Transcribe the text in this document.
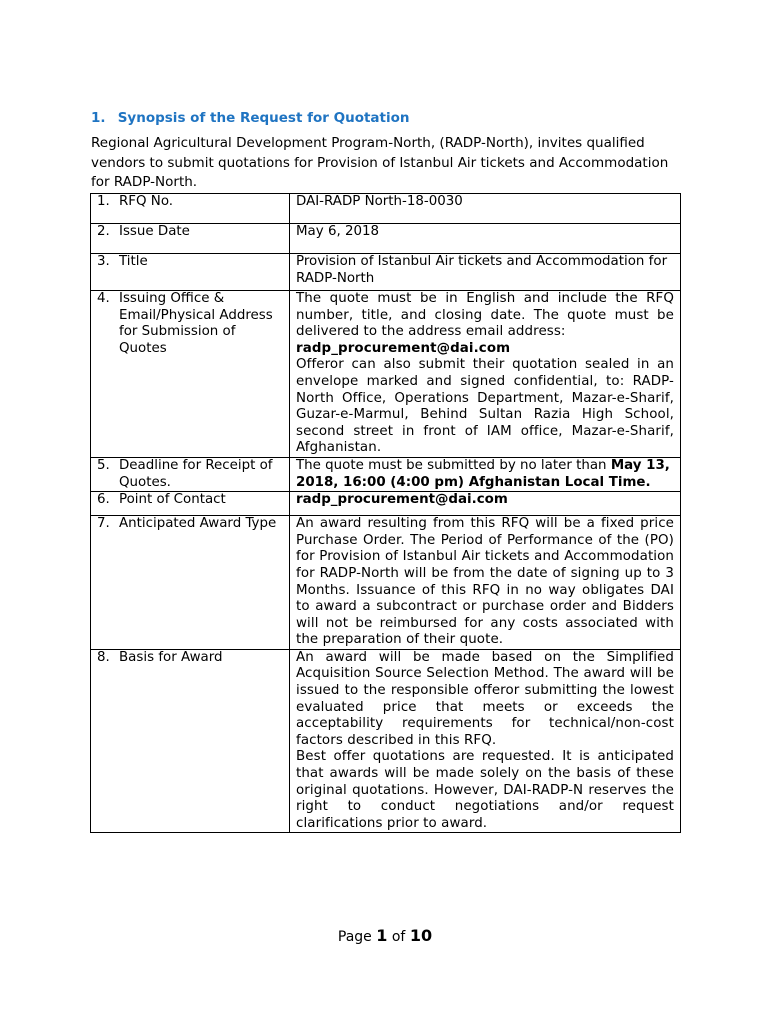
1. Synopsis of the Request for Quotation

Regional Agricultural Development Program-North, (RADP-North), invites qualified vendors to submit quotations for Provision of Istanbul Air tickets and Accommodation for RADP-North.

1. RFQ No.	DAI-RADP North-18-0030

2. Issue Date	May 6, 2018

3. Title	Provision of Istanbul Air tickets and Accommodation for RADP-North

4. Issuing Office & Email/Physical Address for Submission of Quotes	The quote must be in English and include the RFQ number, title, and closing date. The quote must be delivered to the address email address:
radp_procurement@dai.com
Offeror can also submit their quotation sealed in an envelope marked and signed confidential, to: RADP-North Office, Operations Department, Mazar-e-Sharif, Guzar-e-Marmul, Behind Sultan Razia High School, second street in front of IAM office, Mazar-e-Sharif, Afghanistan.

5. Deadline for Receipt of Quotes.	The quote must be submitted by no later than May 13, 2018, 16:00 (4:00 pm) Afghanistan Local Time.

6. Point of Contact	radp_procurement@dai.com

7. Anticipated Award Type	An award resulting from this RFQ will be a fixed price Purchase Order. The Period of Performance of the (PO) for Provision of Istanbul Air tickets and Accommodation for RADP-North will be from the date of signing up to 3 Months. Issuance of this RFQ in no way obligates DAI to award a subcontract or purchase order and Bidders will not be reimbursed for any costs associated with the preparation of their quote.

8. Basis for Award	An award will be made based on the Simplified Acquisition Source Selection Method. The award will be issued to the responsible offeror submitting the lowest evaluated price that meets or exceeds the acceptability requirements for technical/non-cost factors described in this RFQ.
Best offer quotations are requested. It is anticipated that awards will be made solely on the basis of these original quotations. However, DAI-RADP-N reserves the right to conduct negotiations and/or request clarifications prior to award.
Page 1 of 10
